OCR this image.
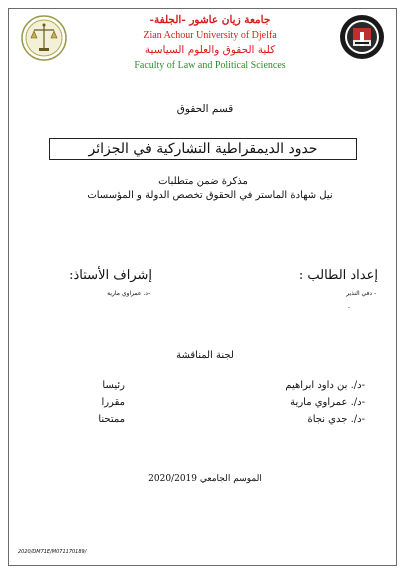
جامعة زيان عاشور -الجلفة-
Zian Achour University of Djelfa
كلية الحقوق والعلوم السياسية
Faculty of Law and Political Sciences
قسم الحقوق
حدود الديمقراطية التشاركية في الجزائر
مذكرة ضمن متطلبات
نيل شهادة الماستر في الحقوق تخصص الدولة و المؤسسات
إعداد الطالب :
- دفي النذير
-
إشراف الأستاذ:
-د. عمراوي مارية
لجنة المناقشة
-د/. بن داود ابراهيم
رئيسا
-د/. عمراوي مارية
مقررا
-د/. جدي نجاة
ممتحنا
الموسم الجامعي 2020/2019
2020/DM71E/M071170189/
